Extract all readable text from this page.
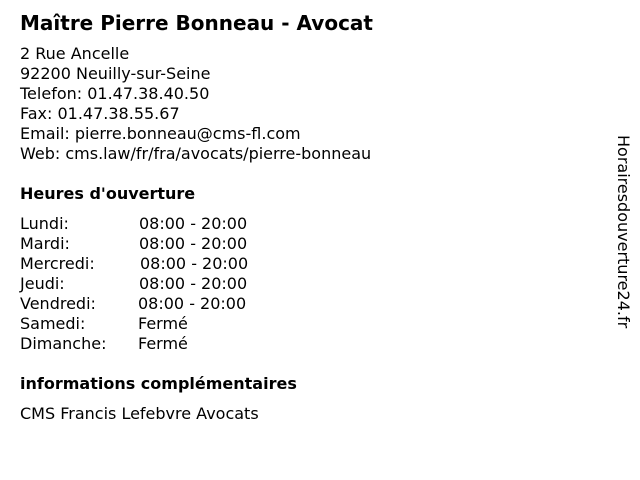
Maître Pierre Bonneau - Avocat
2 Rue Ancelle
92200 Neuilly-sur-Seine
Telefon: 01.47.38.40.50
Fax: 01.47.38.55.67
Email: pierre.bonneau@cms-fl.com
Web: cms.law/fr/fra/avocats/pierre-bonneau
Heures d'ouverture
Lundi:	08:00 - 20:00
Mardi:	08:00 - 20:00
Mercredi:	08:00 - 20:00
Jeudi:	08:00 - 20:00
Vendredi:	08:00 - 20:00
Samedi:	Fermé
Dimanche: Fermé
informations complémentaires
CMS Francis Lefebvre Avocats
Horairesdouverture24.fr
